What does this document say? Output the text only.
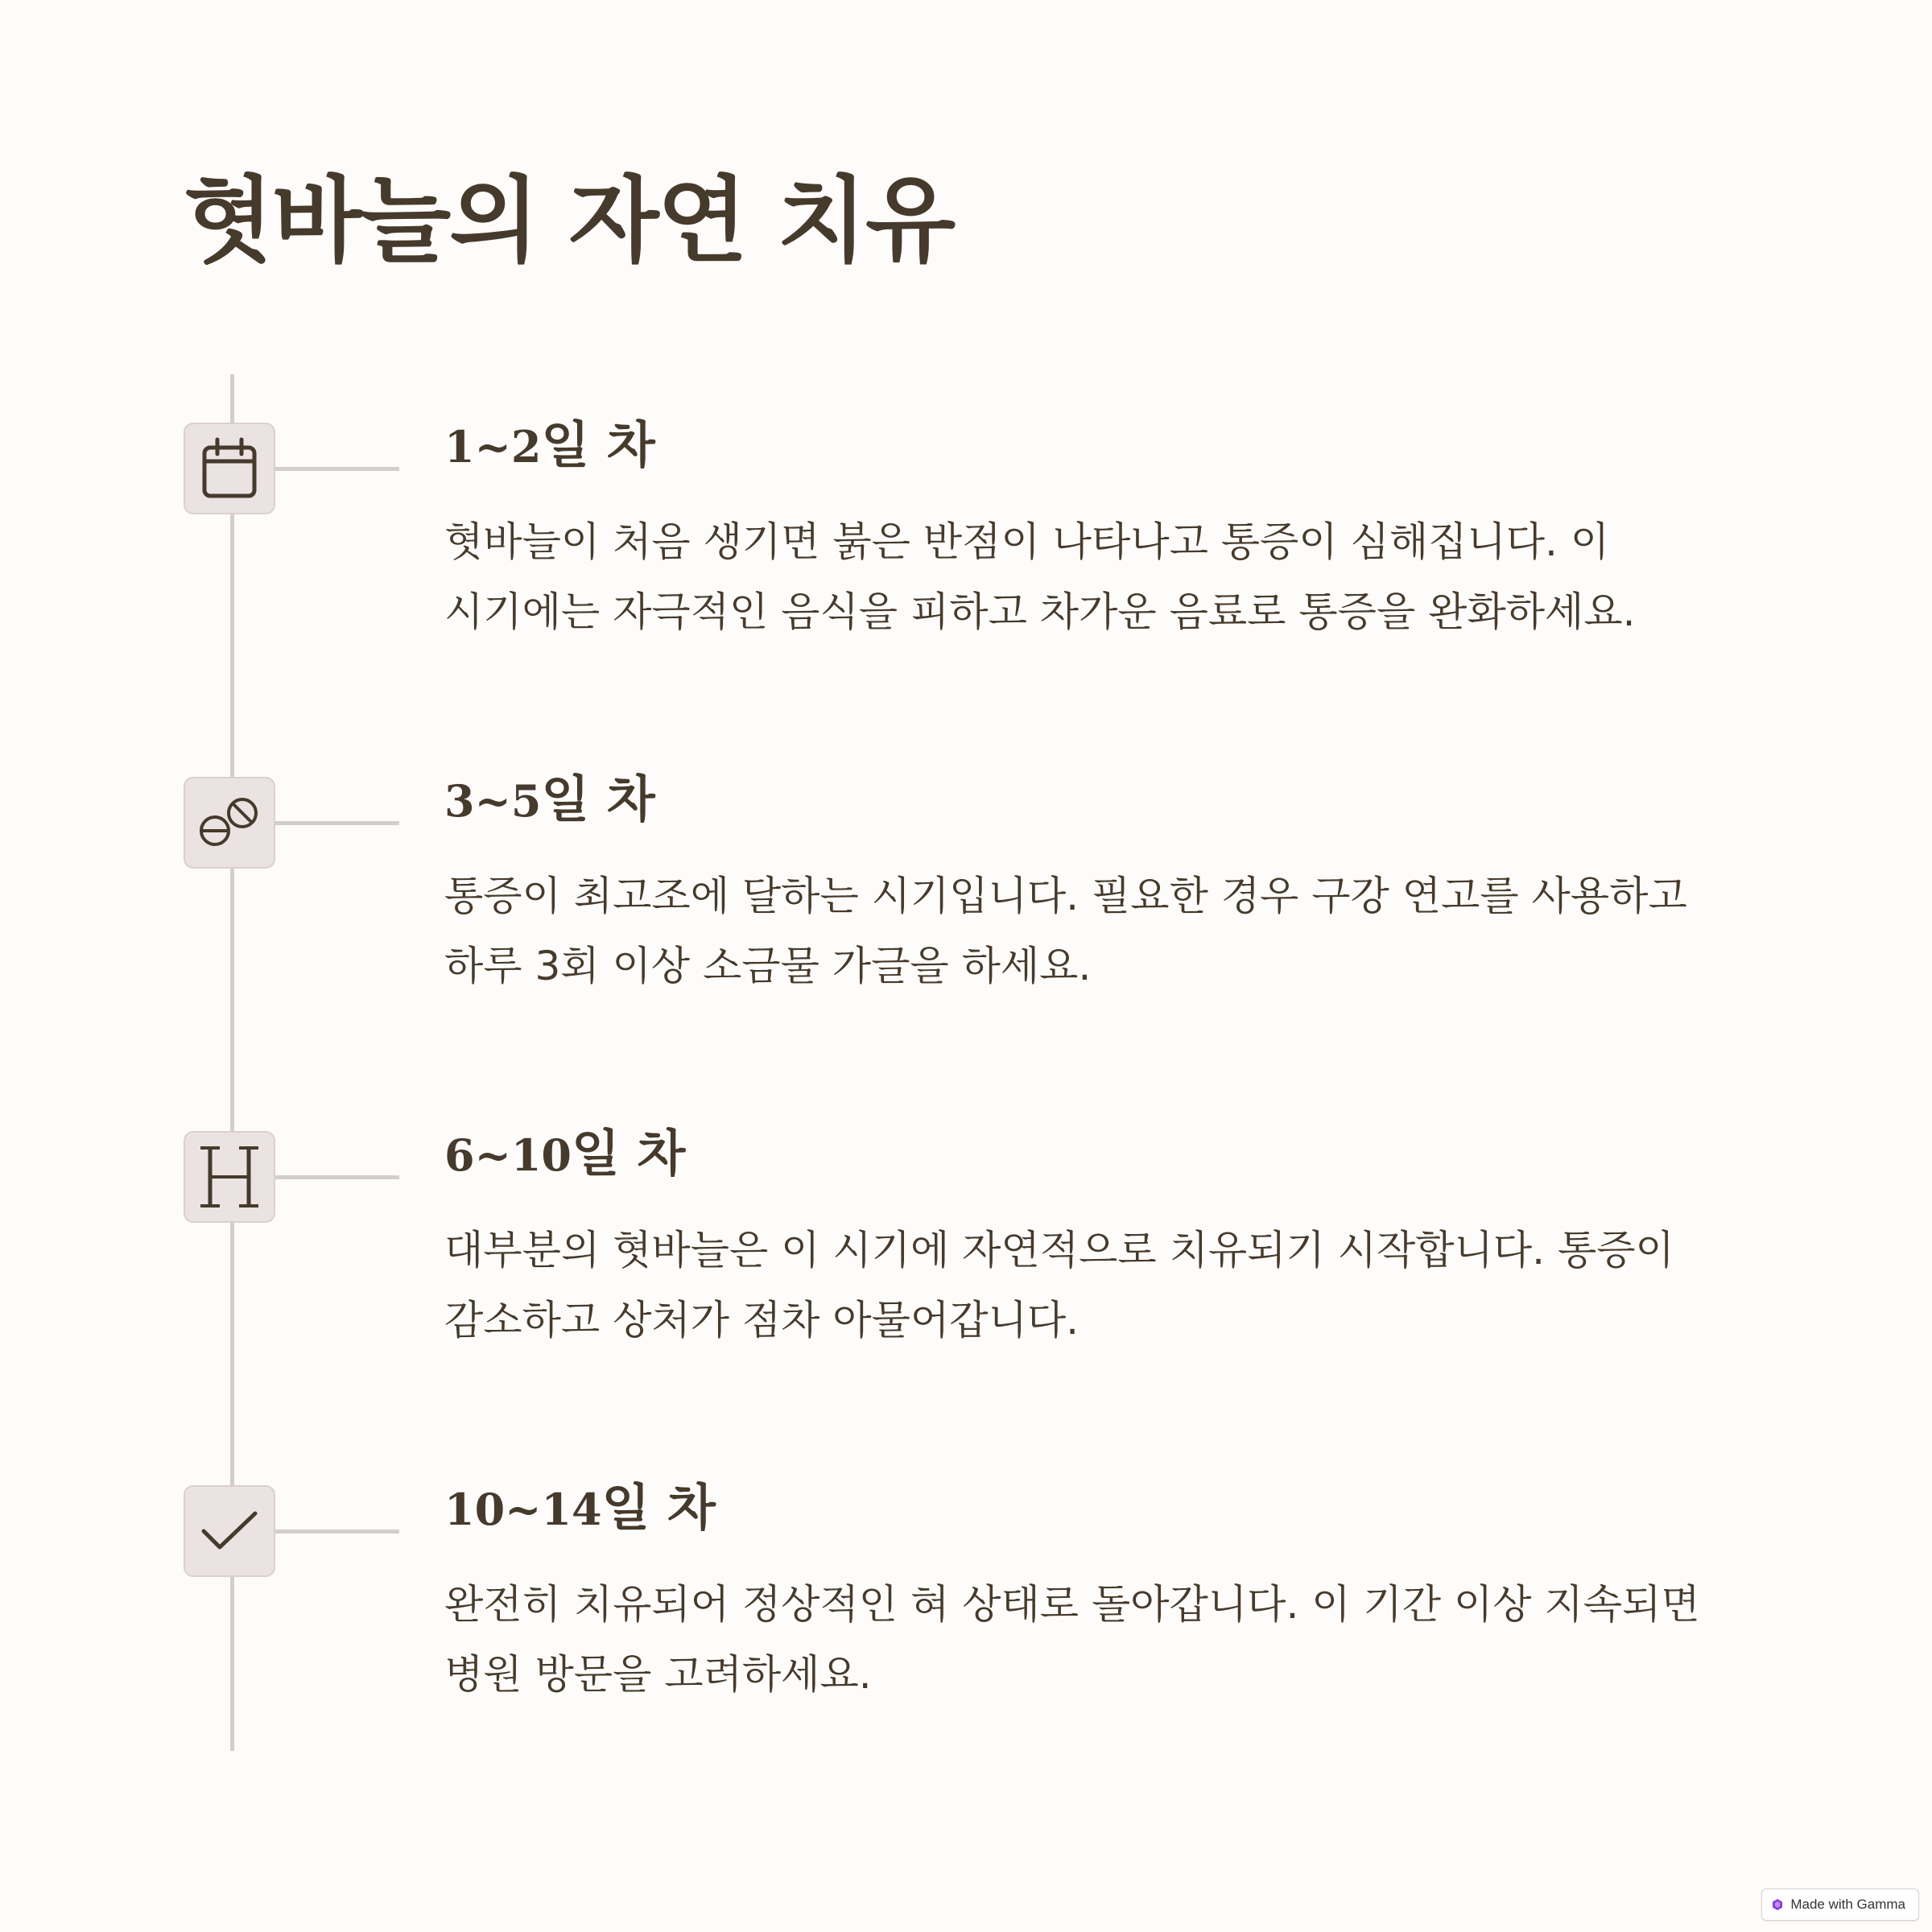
혓바늘의 자연 치유
1~2일 차

혓바늘이 처음 생기면 붉은 반점이 나타나고 통증이 심해집니다. 이 시기에는 자극적인 음식을 피하고 차가운 음료로 통증을 완화하세요.

3~5일 차

통증이 최고조에 달하는 시기입니다. 필요한 경우 구강 연고를 사용하고 하루 3회 이상 소금물 가글을 하세요.

6~10일 차

대부분의 혓바늘은 이 시기에 자연적으로 치유되기 시작합니다. 통증이 감소하고 상처가 점차 아물어갑니다.

10~14일 차

완전히 치유되어 정상적인 혀 상태로 돌아갑니다. 이 기간 이상 지속되면 병원 방문을 고려하세요.

Made with Gamma
